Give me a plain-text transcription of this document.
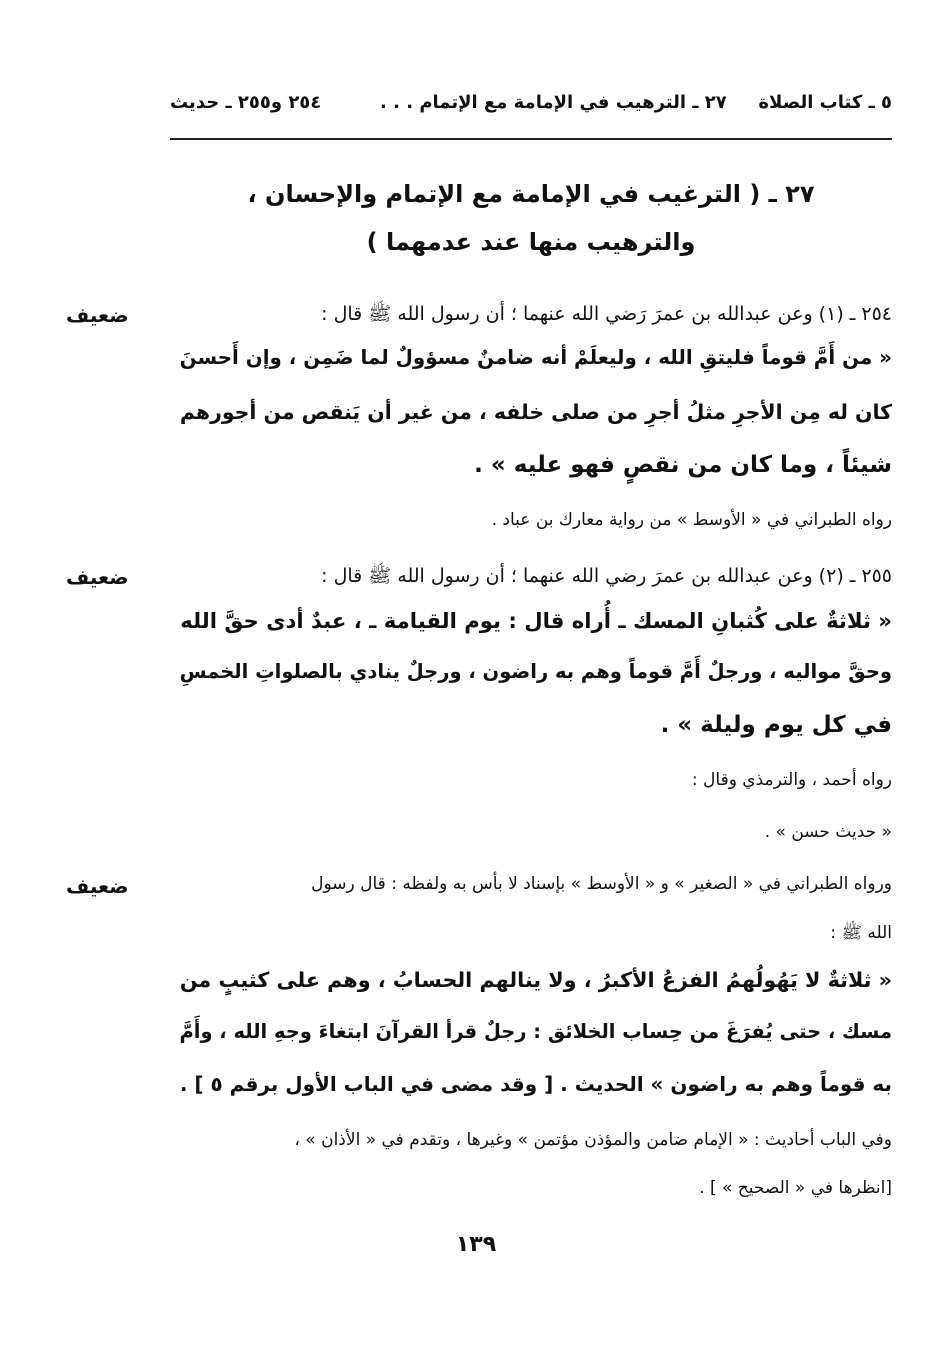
٥ ـ كتاب الصلاة
٢٧ ـ الترهيب في الإمامة مع الإتمام . . .
٢٥٤ و٢٥٥ ـ حديث
٢٧ ـ ( الترغيب في الإمامة مع الإتمام والإحسان ،
والترهيب منها عند عدمهما )
ضعيف	٢٥٤ ـ (١) وعن عبدالله بن عمرَ رَضي الله عنهما ؛ أن رسول الله ﷺ قال :
« من أَمَّ قوماً فليتقِ الله ، وليعلَمْ أنه ضامنٌ مسؤولٌ لما ضَمِن ، وإن أَحسنَ
كان له مِن الأجرِ مثلُ أجرِ من صلى خلفه ، من غير أن يَنقص من أجورهم
شيئاً ، وما كان من نقصٍ فهو عليه » .
رواه الطبراني في « الأوسط » من رواية معارك بن عباد .
ضعيف	٢٥٥ ـ (٢) وعن عبدالله بن عمرَ رضي الله عنهما ؛ أن رسول الله ﷺ قال :
« ثلاثةٌ على كُثبانِ المسك ـ أُراه قال : يوم القيامة ـ ، عبدٌ أدى حقَّ الله
وحقَّ مواليه ، ورجلٌ أَمَّ قوماً وهم به راضون ، ورجلٌ ينادي بالصلواتِ الخمسِ
في كل يوم وليلة » .
رواه أحمد ، والترمذي وقال :
« حديث حسن » .
ضعيف	ورواه الطبراني في « الصغير » و « الأوسط » بإسناد لا بأس به ولفظه : قال رسول
الله ﷺ :
« ثلاثةٌ لا يَهُولُهمُ الفزعُ الأكبرُ ، ولا ينالهم الحسابُ ، وهم على كثيبٍ من
مسك ، حتى يُفرَغَ من حِساب الخلائق : رجلٌ قرأ القرآنَ ابتغاءَ وجهِ الله ، وأَمَّ
به قوماً وهم به راضون » الحديث . [ وقد مضى في الباب الأول برقم ٥ ] .
وفي الباب أحاديث : « الإمام ضامن والمؤذن مؤتمن » وغيرها ، وتقدم في « الأذان » ،
[انظرها في « الصحيح » ] .
١٣٩
